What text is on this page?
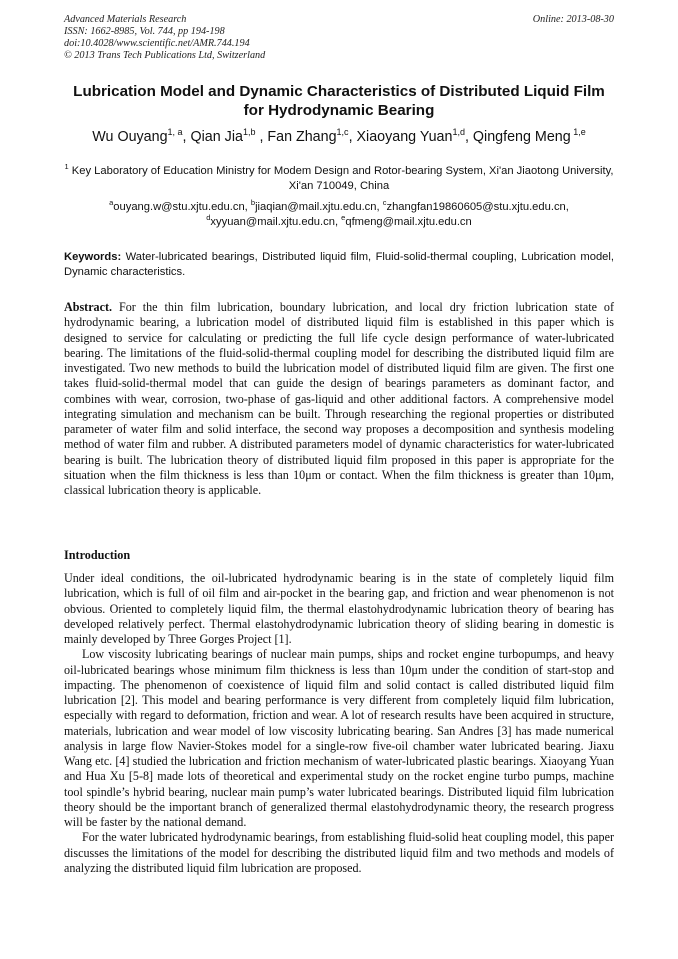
Advanced Materials Research
ISSN: 1662-8985, Vol. 744, pp 194-198
doi:10.4028/www.scientific.net/AMR.744.194
© 2013 Trans Tech Publications Ltd, Switzerland
Online: 2013-08-30
Lubrication Model and Dynamic Characteristics of Distributed Liquid Film for Hydrodynamic Bearing
Wu Ouyang$^{1, a}$, Qian Jia$^{1,b}$ , Fan Zhang$^{1,c}$, Xiaoyang Yuan$^{1,d}$, Qingfeng Meng $^{1,e}$
$^1$ Key Laboratory of Education Ministry for Modem Design and Rotor-bearing System, Xi'an Jiaotong University, Xi'an 710049, China
$^a$ouyang.w@stu.xjtu.edu.cn, $^b$jiaqian@mail.xjtu.edu.cn, $^c$zhangfan19860605@stu.xjtu.edu.cn,
$^d$xyyuan@mail.xjtu.edu.cn, $^e$qfmeng@mail.xjtu.edu.cn
Keywords: Water-lubricated bearings, Distributed liquid film, Fluid-solid-thermal coupling, Lubrication model, Dynamic characteristics.
Abstract. For the thin film lubrication, boundary lubrication, and local dry friction lubrication state of hydrodynamic bearing, a lubrication model of distributed liquid film is established in this paper which is designed to service for calculating or predicting the full life cycle design performance of water-lubricated bearing. The limitations of the fluid-solid-thermal coupling model for describing the distributed liquid film are investigated. Two new methods to build the lubrication model of distributed liquid film are given. The first one takes fluid-solid-thermal model that can guide the design of bearings parameters as dominant factor, and combines with wear, corrosion, two-phase of gas-liquid and other additional factors. A comprehensive model integrating simulation and mechanism can be built. Through researching the regional properties or distributed parameter of water film and solid interface, the second way proposes a decomposition and synthesis modeling method of water film and rubber. A distributed parameters model of dynamic characteristics for water-lubricated bearing is built. The lubrication theory of distributed liquid film proposed in this paper is appropriate for the situation when the film thickness is less than 10μm or contact. When the film thickness is greater than 10μm, classical lubrication theory is applicable.
Introduction

Under ideal conditions, the oil-lubricated hydrodynamic bearing is in the state of completely liquid film lubrication, which is full of oil film and air-pocket in the bearing gap, and friction and wear phenomenon is not obvious. Oriented to completely liquid film, the thermal elastohydrodynamic lubrication theory of bearing has developed relatively perfect. Thermal elastohydrodynamic lubrication theory of sliding bearing in domestic is mainly developed by Three Gorges Project [1].

Low viscosity lubricating bearings of nuclear main pumps, ships and rocket engine turbopumps, and heavy oil-lubricated bearings whose minimum film thickness is less than 10μm under the condition of start-stop and impacting. The phenomenon of coexistence of liquid film and solid contact is called distributed liquid film lubrication [2]. This model and bearing performance is very different from completely liquid film lubrication, especially with regard to deformation, friction and wear. A lot of research results have been acquired in structure, materials, lubrication and wear model of low viscosity lubricating bearing. San Andres [3] has made numerical analysis in large flow Navier-Stokes model for a single-row five-oil chamber water lubricated bearing. Jiaxu Wang etc. [4] studied the lubrication and friction mechanism of water-lubricated plastic bearings. Xiaoyang Yuan and Hua Xu [5-8] made lots of theoretical and experimental study on the rocket engine turbo pumps, machine tool spindle’s hybrid bearing, nuclear main pump’s water lubricated bearings. Distributed liquid film lubrication theory should be the important branch of generalized thermal elastohydrodynamic theory, the research progress will be faster by the national demand.

For the water lubricated hydrodynamic bearings, from establishing fluid-solid heat coupling model, this paper discusses the limitations of the model for describing the distributed liquid film and two methods and models of analyzing the distributed liquid film lubrication are proposed.
